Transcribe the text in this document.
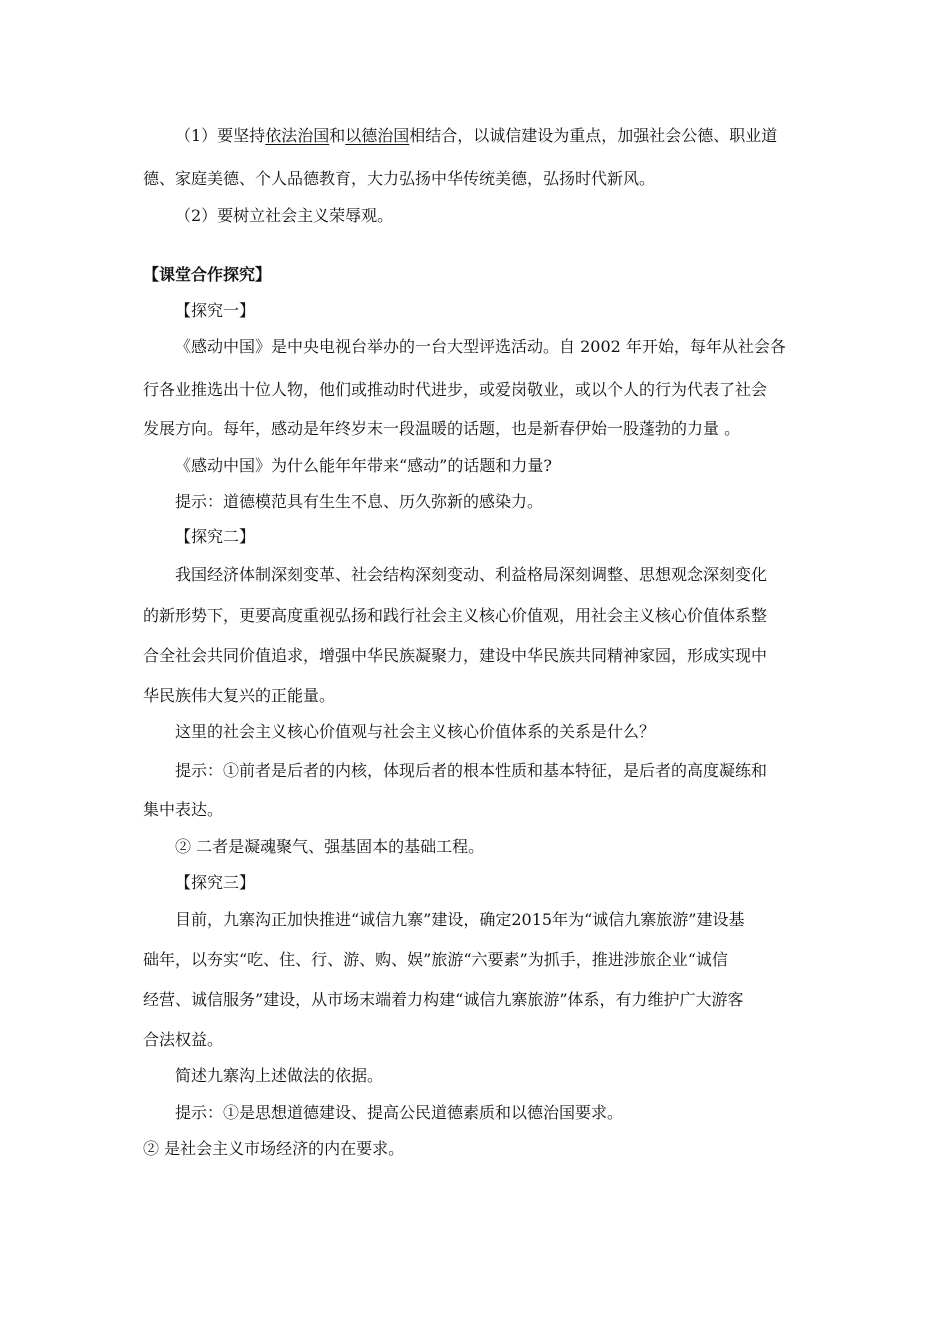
（1）要坚持依法治国和以德治国相结合，以诚信建设为重点，加强社会公德、职业道
德、家庭美德、个人品德教育，大力弘扬中华传统美德，弘扬时代新风。
（2）要树立社会主义荣辱观。
【课堂合作探究】
【探究一】
《感动中国》是中央电视台举办的一台大型评选活动。自 2002 年开始，每年从社会各
行各业推选出十位人物，他们或推动时代进步，或爱岗敬业，或以个人的行为代表了社会
发展方向。每年，感动是年终岁末一段温暖的话题，也是新春伊始一股蓬勃的力量 。
《感动中国》为什么能年年带来“感动”的话题和力量?
提示：道德模范具有生生不息、历久弥新的感染力。
【探究二】
我国经济体制深刻变革、社会结构深刻变动、利益格局深刻调整、思想观念深刻变化
的新形势下，更要高度重视弘扬和践行社会主义核心价值观，用社会主义核心价值体系整
合全社会共同价值追求，增强中华民族凝聚力，建设中华民族共同精神家园，形成实现中
华民族伟大复兴的正能量。
这里的社会主义核心价值观与社会主义核心价值体系的关系是什么？
提示：①前者是后者的内核，体现后者的根本性质和基本特征，是后者的高度凝练和
集中表达。
② 二者是凝魂聚气、强基固本的基础工程。
【探究三】
目前，九寨沟正加快推进“诚信九寨”建设，确定2015年为“诚信九寨旅游”建设基
础年，以夯实“吃、住、行、游、购、娱”旅游“六要素”为抓手，推进涉旅企业“诚信
经营、诚信服务”建设，从市场末端着力构建“诚信九寨旅游”体系，有力维护广大游客
合法权益。
简述九寨沟上述做法的依据。
提示：①是思想道德建设、提高公民道德素质和以德治国要求。
② 是社会主义市场经济的内在要求。
